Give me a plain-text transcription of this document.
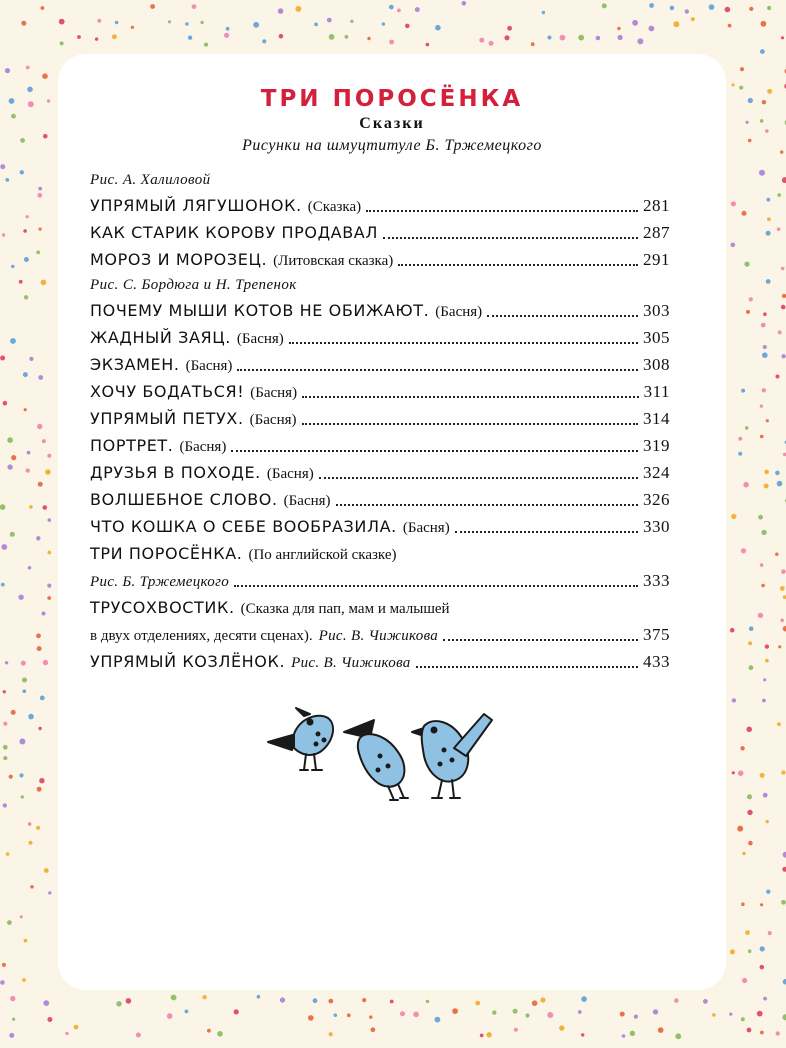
ТРИ ПОРОСЁНКА
Сказки
Рисунки на шмуцтитуле Б. Тржемецкого
Рис. А. Халиловой
УПРЯМЫЙ ЛЯГУШОНОК. (Сказка)	281
КАК СТАРИК КОРОВУ ПРОДАВАЛ	287
МОРОЗ И МОРОЗЕЦ. (Литовская сказка)	291
Рис. С. Бордюга и Н. Трепенок
ПОЧЕМУ МЫШИ КОТОВ НЕ ОБИЖАЮТ. (Басня)	303
ЖАДНЫЙ ЗАЯЦ. (Басня)	305
ЭКЗАМЕН. (Басня)	308
ХОЧУ БОДАТЬСЯ! (Басня)	311
УПРЯМЫЙ ПЕТУХ. (Басня)	314
ПОРТРЕТ. (Басня)	319
ДРУЗЬЯ В ПОХОДЕ. (Басня)	324
ВОЛШЕБНОЕ СЛОВО. (Басня)	326
ЧТО КОШКА О СЕБЕ ВООБРАЗИЛА. (Басня)	330
ТРИ ПОРОСЁНКА. (По английской сказке)
Рис. Б. Тржемецкого	333
ТРУСОХВОСТИК. (Сказка для пап, мам и малышей
в двух отделениях, десяти сценах). Рис. В. Чижикова	375
УПРЯМЫЙ КОЗЛЁНОК. Рис. В. Чижикова	433
